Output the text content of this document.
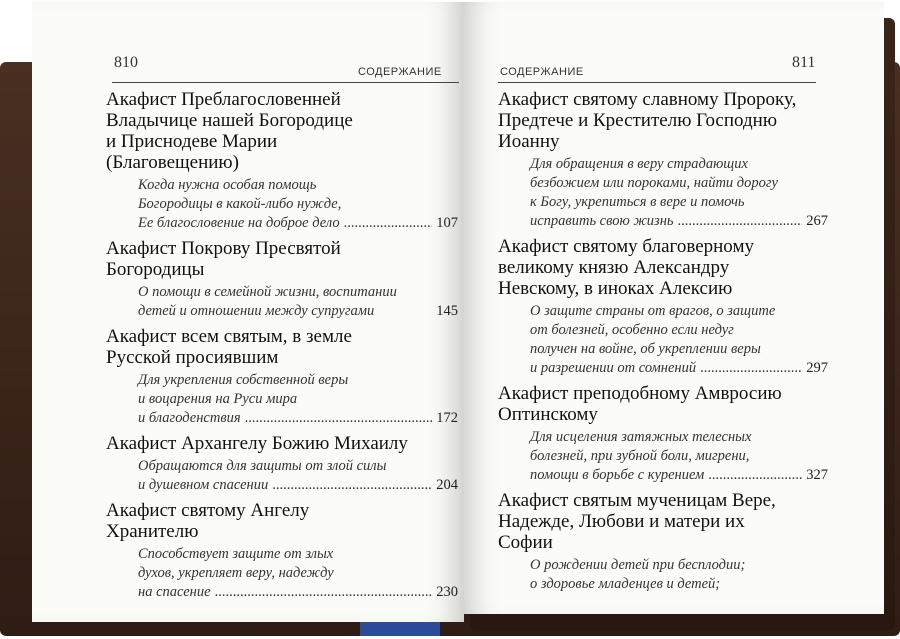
810
СОДЕРЖАНИЕ

Акафист Преблагословенней
Владычице нашей Богородице
и Приснодеве Марии
(Благовещению)

Когда нужна особая помощь
Богородицы в какой-либо нужде,
Ее благословение на доброе дело .....	107

Акафист Покрову Пресвятой
Богородицы

О помощи в семейной жизни, воспитании
детей и отношении между супругами	145

Акафист всем святым, в земле
Русской просиявшим

Для укрепления собственной веры
и воцарения на Руси мира
и благоденствия .....	172

Акафист Архангелу Божию Михаилу

Обращаются для защиты от злой силы
и душевном спасении .....	204

Акафист святому Ангелу
Хранителю

Способствует защите от злых
духов, укрепляет веру, надежду
на спасение .....	230
811
СОДЕРЖАНИЕ

Акафист святому славному Пророку,
Предтече и Крестителю Господню
Иоанну

Для обращения в веру страдающих
безбожием или пороками, найти дорогу
к Богу, укрепиться в вере и помочь
исправить свою жизнь .....	267

Акафист святому благоверному
великому князю Александру
Невскому, в иноках Алексию

О защите страны от врагов, о защите
от болезней, особенно если недуг
получен на войне, об укреплении веры
и разрешении от сомнений .....	297

Акафист преподобному Амвросию
Оптинскому

Для исцеления затяжных телесных
болезней, при зубной боли, мигрени,
помощи в борьбе с курением .....	327

Акафист святым мученицам Вере,
Надежде, Любови и матери их
Софии

О рождении детей при бесплодии;
о здоровье младенцев и детей;
